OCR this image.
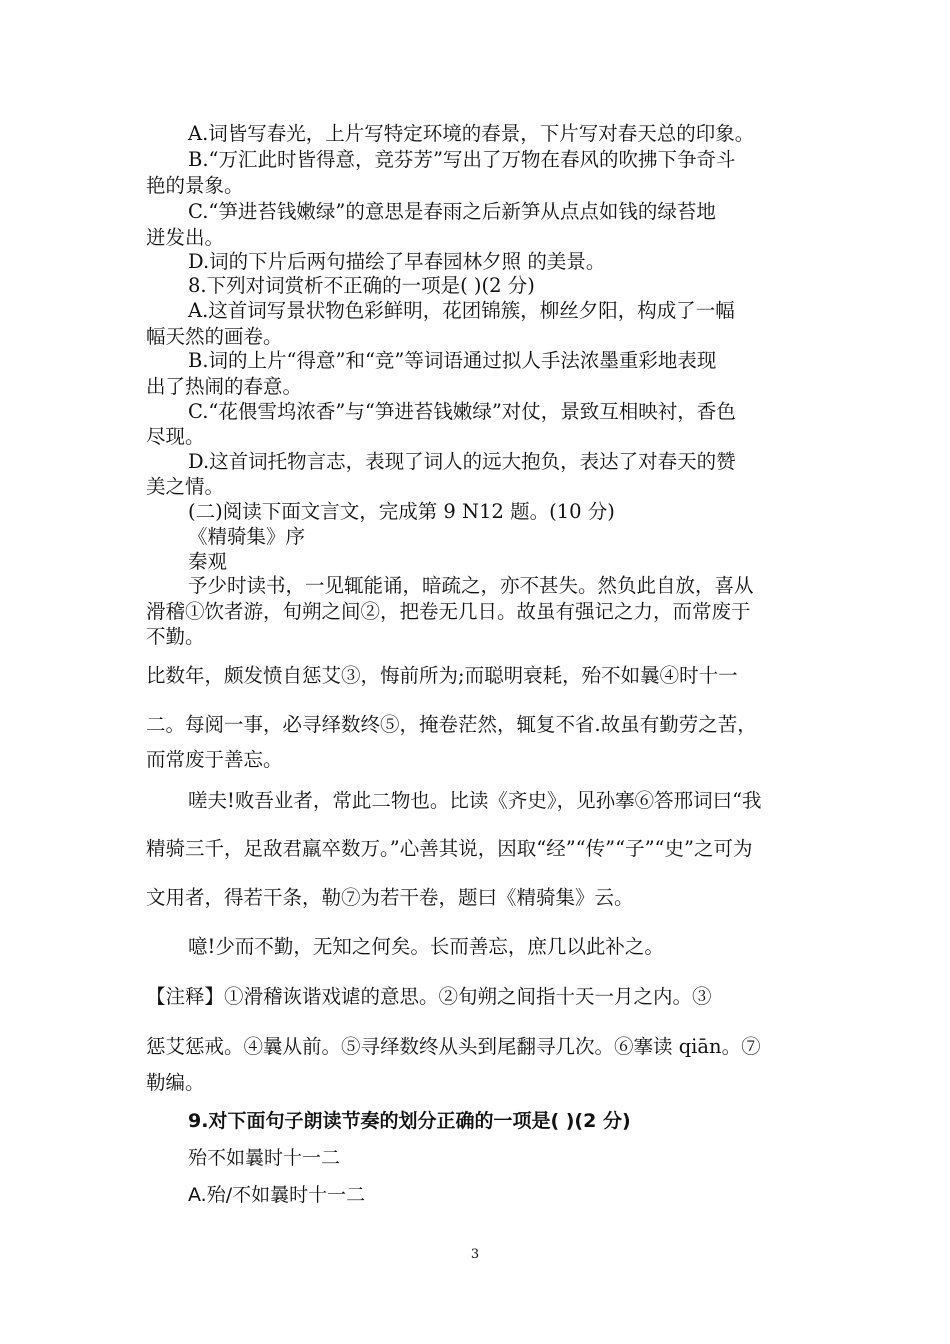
A.词皆写春光，上片写特定环境的春景，下片写对春天总的印象。
B.“万汇此时皆得意，竞芬芳”写出了万物在春风的吹拂下争奇斗
艳的景象。
C.“笋进苔钱嫩绿”的意思是春雨之后新笋从点点如钱的绿苔地
迸发出。
D.词的下片后两句描绘了早春园林夕照 的美景。
8.下列对词赏析不正确的一项是( )(2 分)
A.这首词写景状物色彩鲜明，花团锦簇，柳丝夕阳，构成了一幅
幅天然的画卷。
B.词的上片“得意”和“竞”等词语通过拟人手法浓墨重彩地表现
出了热闹的春意。
C.“花偎雪坞浓香”与“笋进苔钱嫩绿”对仗，景致互相映衬，香色
尽现。
D.这首词托物言志，表现了词人的远大抱负，表达了对春天的赞
美之情。
(二)阅读下面文言文，完成第 9 N12 题。(10 分)
《精骑集》序
秦观
予少时读书，一见辄能诵，暗疏之，亦不甚失。然负此自放，喜从
滑稽①饮者游，旬朔之间②，把卷无几日。故虽有强记之力，而常废于
不勤。
比数年，颇发愤自惩艾③，悔前所为;而聪明衰耗，殆不如曩④时十一
二。每阅一事，必寻绎数终⑤，掩卷茫然，辄复不省.故虽有勤劳之苦，
而常废于善忘。
嗟夫!败吾业者，常此二物也。比读《齐史》，见孙搴⑥答邢词曰“我
精骑三千，足敌君羸卒数万。”心善其说，因取“经”“传”“子”“史”之可为
文用者，得若干条，勒⑦为若干卷，题曰《精骑集》云。
噫!少而不勤，无知之何矣。长而善忘，庶几以此补之。
【注释】①滑稽诙谐戏谑的意思。②旬朔之间指十天一月之内。③
惩艾惩戒。④曩从前。⑤寻绎数终从头到尾翻寻几次。⑥搴读 qiān。⑦
勒编。
9.对下面句子朗读节奏的划分正确的一项是( )(2 分)
殆不如曩时十一二
A.殆/不如曩时十一二
3
